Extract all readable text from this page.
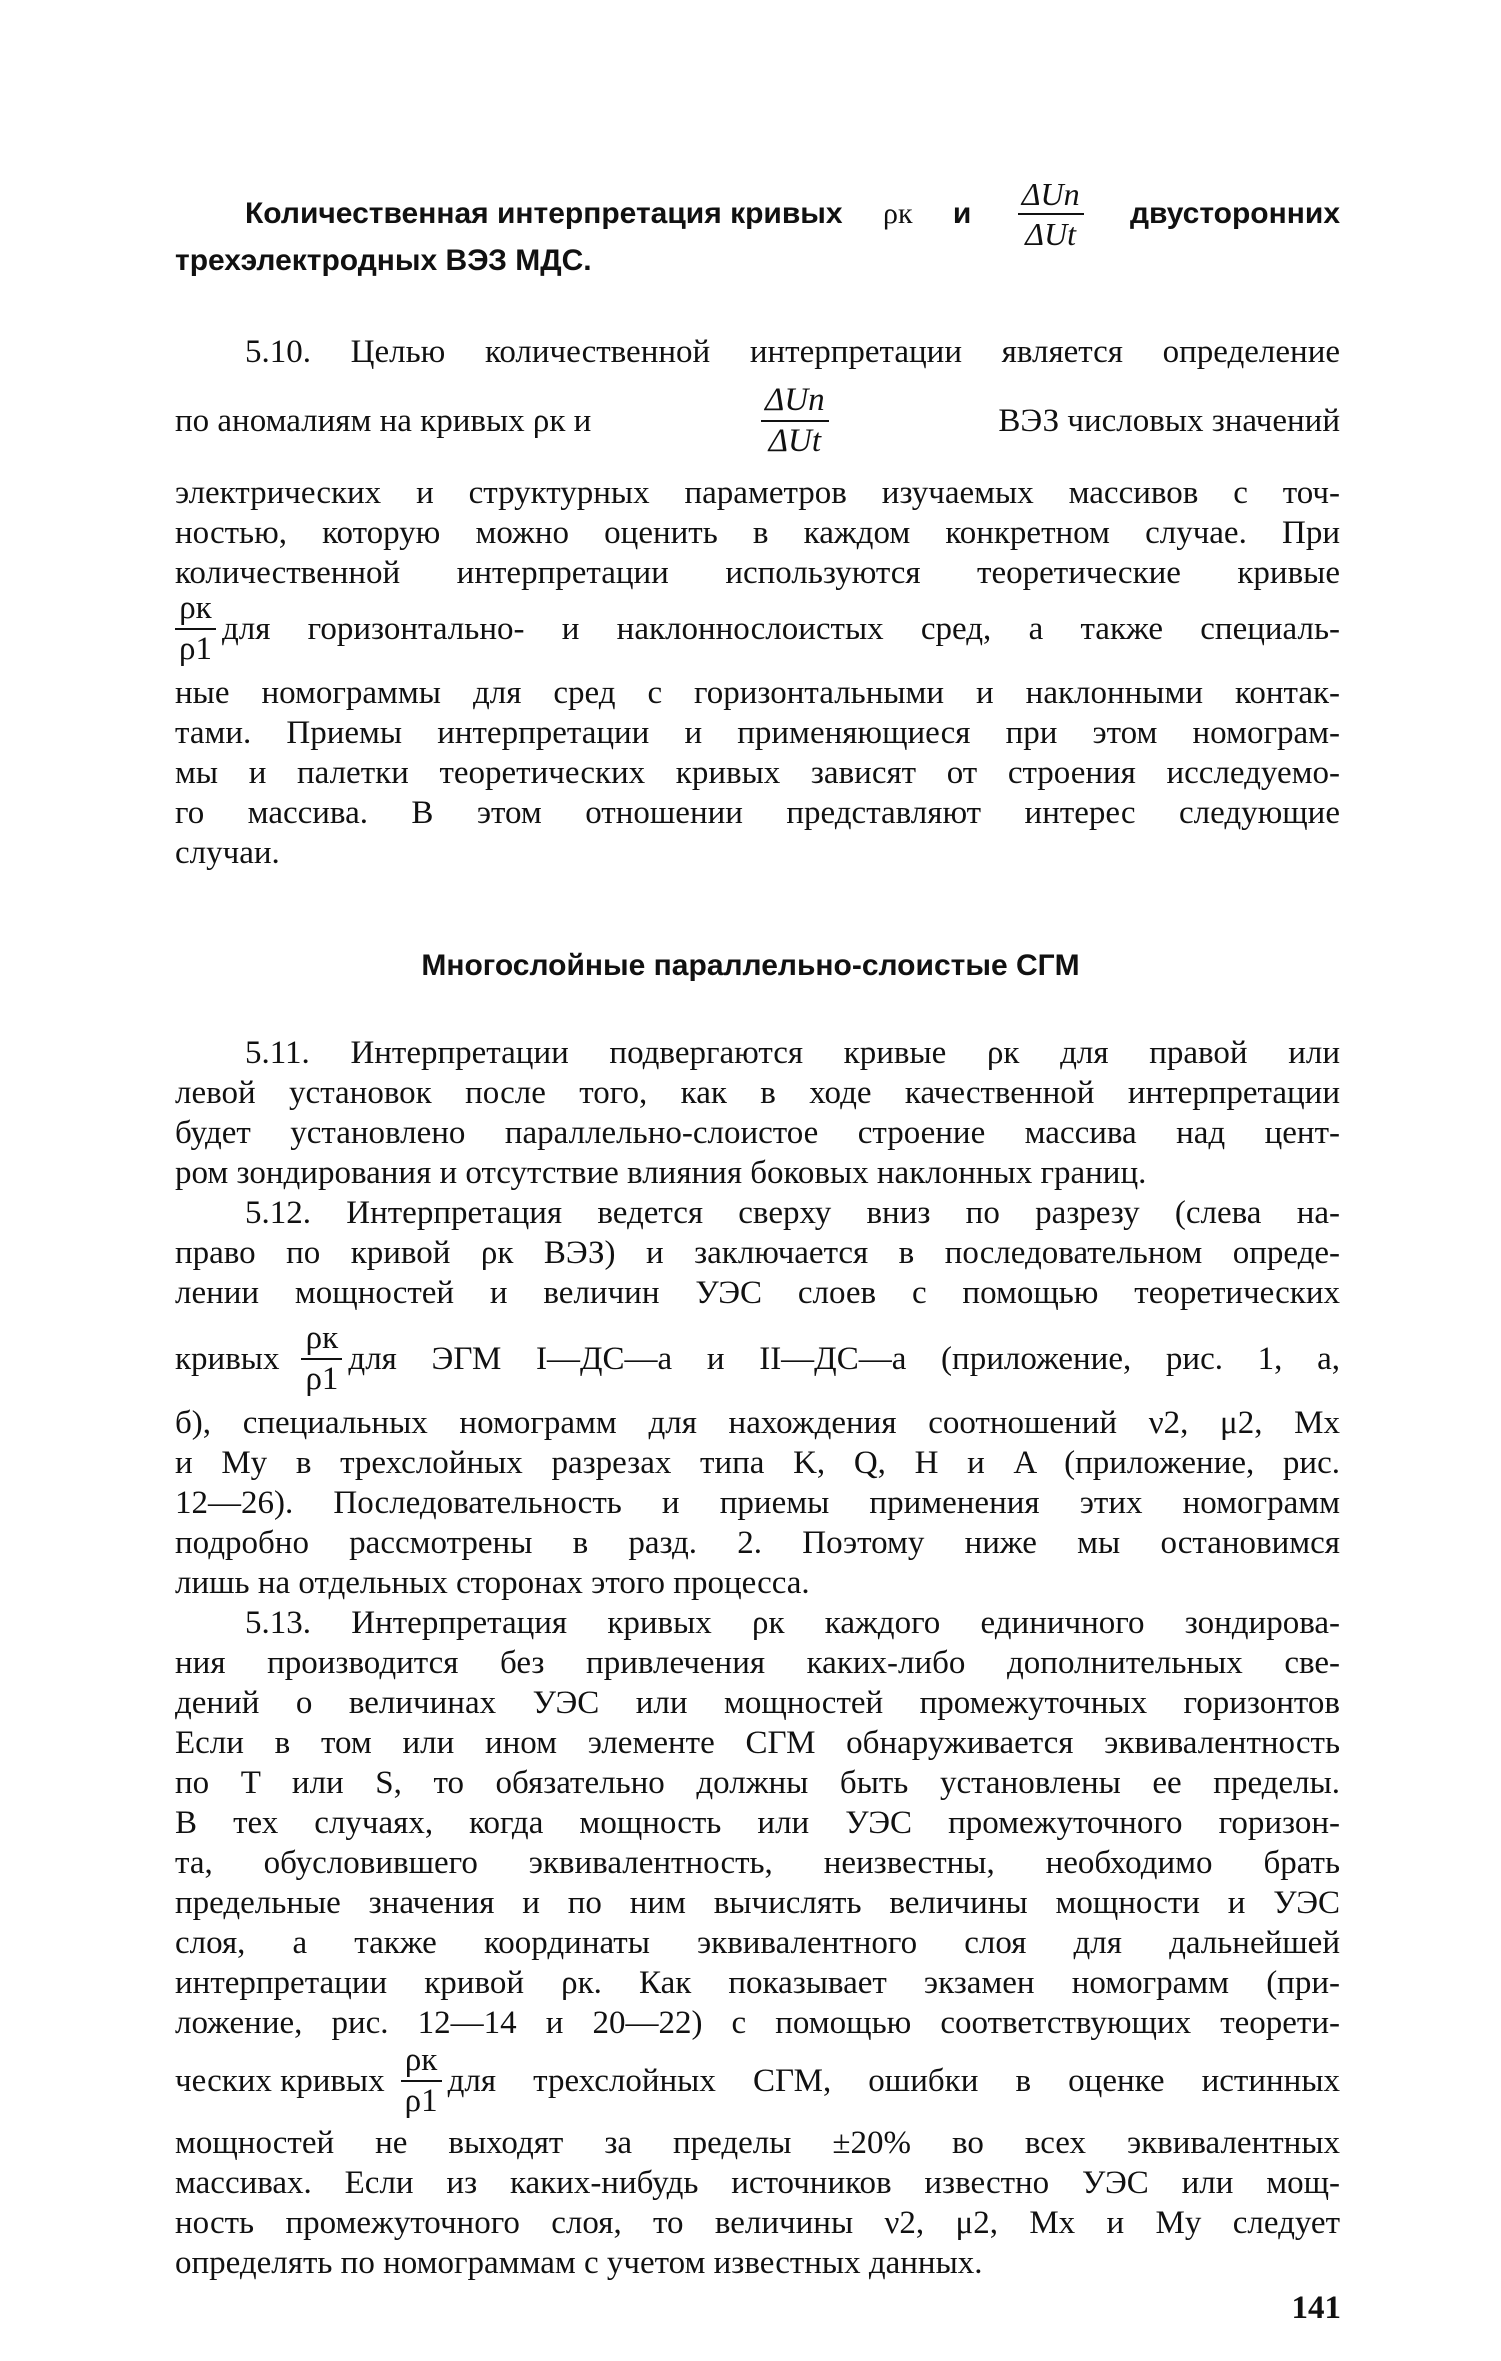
Количественная интерпретация кривых ρк и $\frac{\text{ΔUn}}{\text{ΔUt}}$ двусторонних
трехэлектродных ВЭЗ МДС.
5.10. Целью количественной интерпретации является определение
по аномалиям на кривых ρк и	$\frac{\text{ΔUn}}{\text{ΔUt}}$	ВЭЗ числовых значений
электрических и структурных параметров изучаемых массивов с точ-
ностью, которую можно оценить в каждом конкретном случае. При
количественной интерпретации используются теоретические кривые
$\frac{\rho к}{\rho 1}$ для горизонтально- и наклоннослоистых сред, а также специаль-
ные номограммы для сред с горизонтальными и наклонными контак-
тами. Приемы интерпретации и применяющиеся при этом номограм-
мы и палетки теоретических кривых зависят от строения исследуемо-
го массива. В этом отношении представляют интерес следующие
случаи.
Многослойные параллельно-слоистые СГМ
5.11. Интерпретации подвергаются кривые ρк для правой или
левой установок после того, как в ходе качественной интерпретации
будет установлено параллельно-слоистое строение массива над цент-
ром зондирования и отсутствие влияния боковых наклонных границ.
5.12. Интерпретация ведется сверху вниз по разрезу (слева на-
право по кривой ρк ВЭЗ) и заключается в последовательном опреде-
лении мощностей и величин УЭС слоев с помощью теоретических
кривых $\frac{\rho к}{\rho 1}$ для ЭГМ I—ДС—а и II—ДС—а (приложение, рис. 1, а,
б), специальных номограмм для нахождения соотношений ν2, μ2, Mx
и My в трехслойных разрезах типа K, Q, H и A (приложение, рис.
12—26). Последовательность и приемы применения этих номограмм
подробно рассмотрены в разд. 2. Поэтому ниже мы остановимся
лишь на отдельных сторонах этого процесса.
5.13. Интерпретация кривых ρк каждого единичного зондирова-
ния производится без привлечения каких-либо дополнительных све-
дений о величинах УЭС или мощностей промежуточных горизонтов
Если в том или ином элементе СГМ обнаруживается эквивалентность
по T или S, то обязательно должны быть установлены ее пределы.
В тех случаях, когда мощность или УЭС промежуточного горизон-
та, обусловившего эквивалентность, неизвестны, необходимо брать
предельные значения и по ним вычислять величины мощности и УЭС
слоя, а также координаты эквивалентного слоя для дальнейшей
интерпретации кривой ρк. Как показывает экзамен номограмм (при-
ложение, рис. 12—14 и 20—22) с помощью соответствующих теорети-
ческих кривых $\frac{\rho к}{\rho 1}$ для трехслойных СГМ, ошибки в оценке истинных
мощностей не выходят за пределы ±20% во всех эквивалентных
массивах. Если из каких-нибудь источников известно УЭС или мощ-
ность промежуточного слоя, то величины ν2, μ2, Mx и My следует
определять по номограммам с учетом известных данных.
141
